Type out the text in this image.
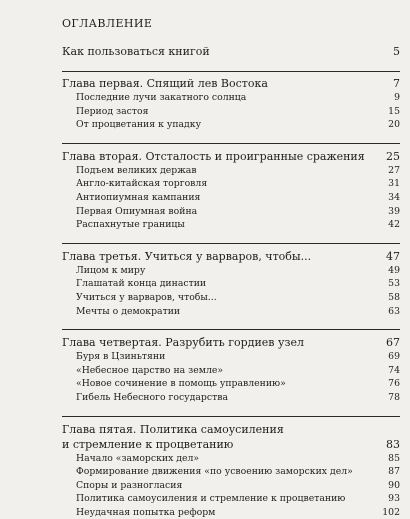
ОГЛАВЛЕНИЕ
Как пользоваться книгой	5
Глава первая. Спящий лев Востока	7
Последние лучи закатного солнца	9
Период застоя	15
От процветания к упадку	20
Глава вторая. Отсталость и проигранные сражения	25
Подъем великих держав	27
Англо-китайская торговля	31
Антиопиумная кампания	34
Первая Опиумная война	39
Распахнутые границы	42
Глава третья. Учиться у варваров, чтобы...	47
Лицом к миру	49
Глашатай конца династии	53
Учиться у варваров, чтобы...	58
Мечты о демократии	63
Глава четвертая. Разрубить гордиев узел	67
Буря в Цзиньтяни	69
«Небесное царство на земле»	74
«Новое сочинение в помощь управлению»	76
Гибель Небесного государства	78
Глава пятая. Политика самоусиления
и стремление к процветанию	83
Начало «заморских дел»	85
Формирование движения «по усвоению заморских дел»	87
Споры и разногласия	90
Политика самоусиления и стремление к процветанию	93
Неудачная попытка реформ	102
